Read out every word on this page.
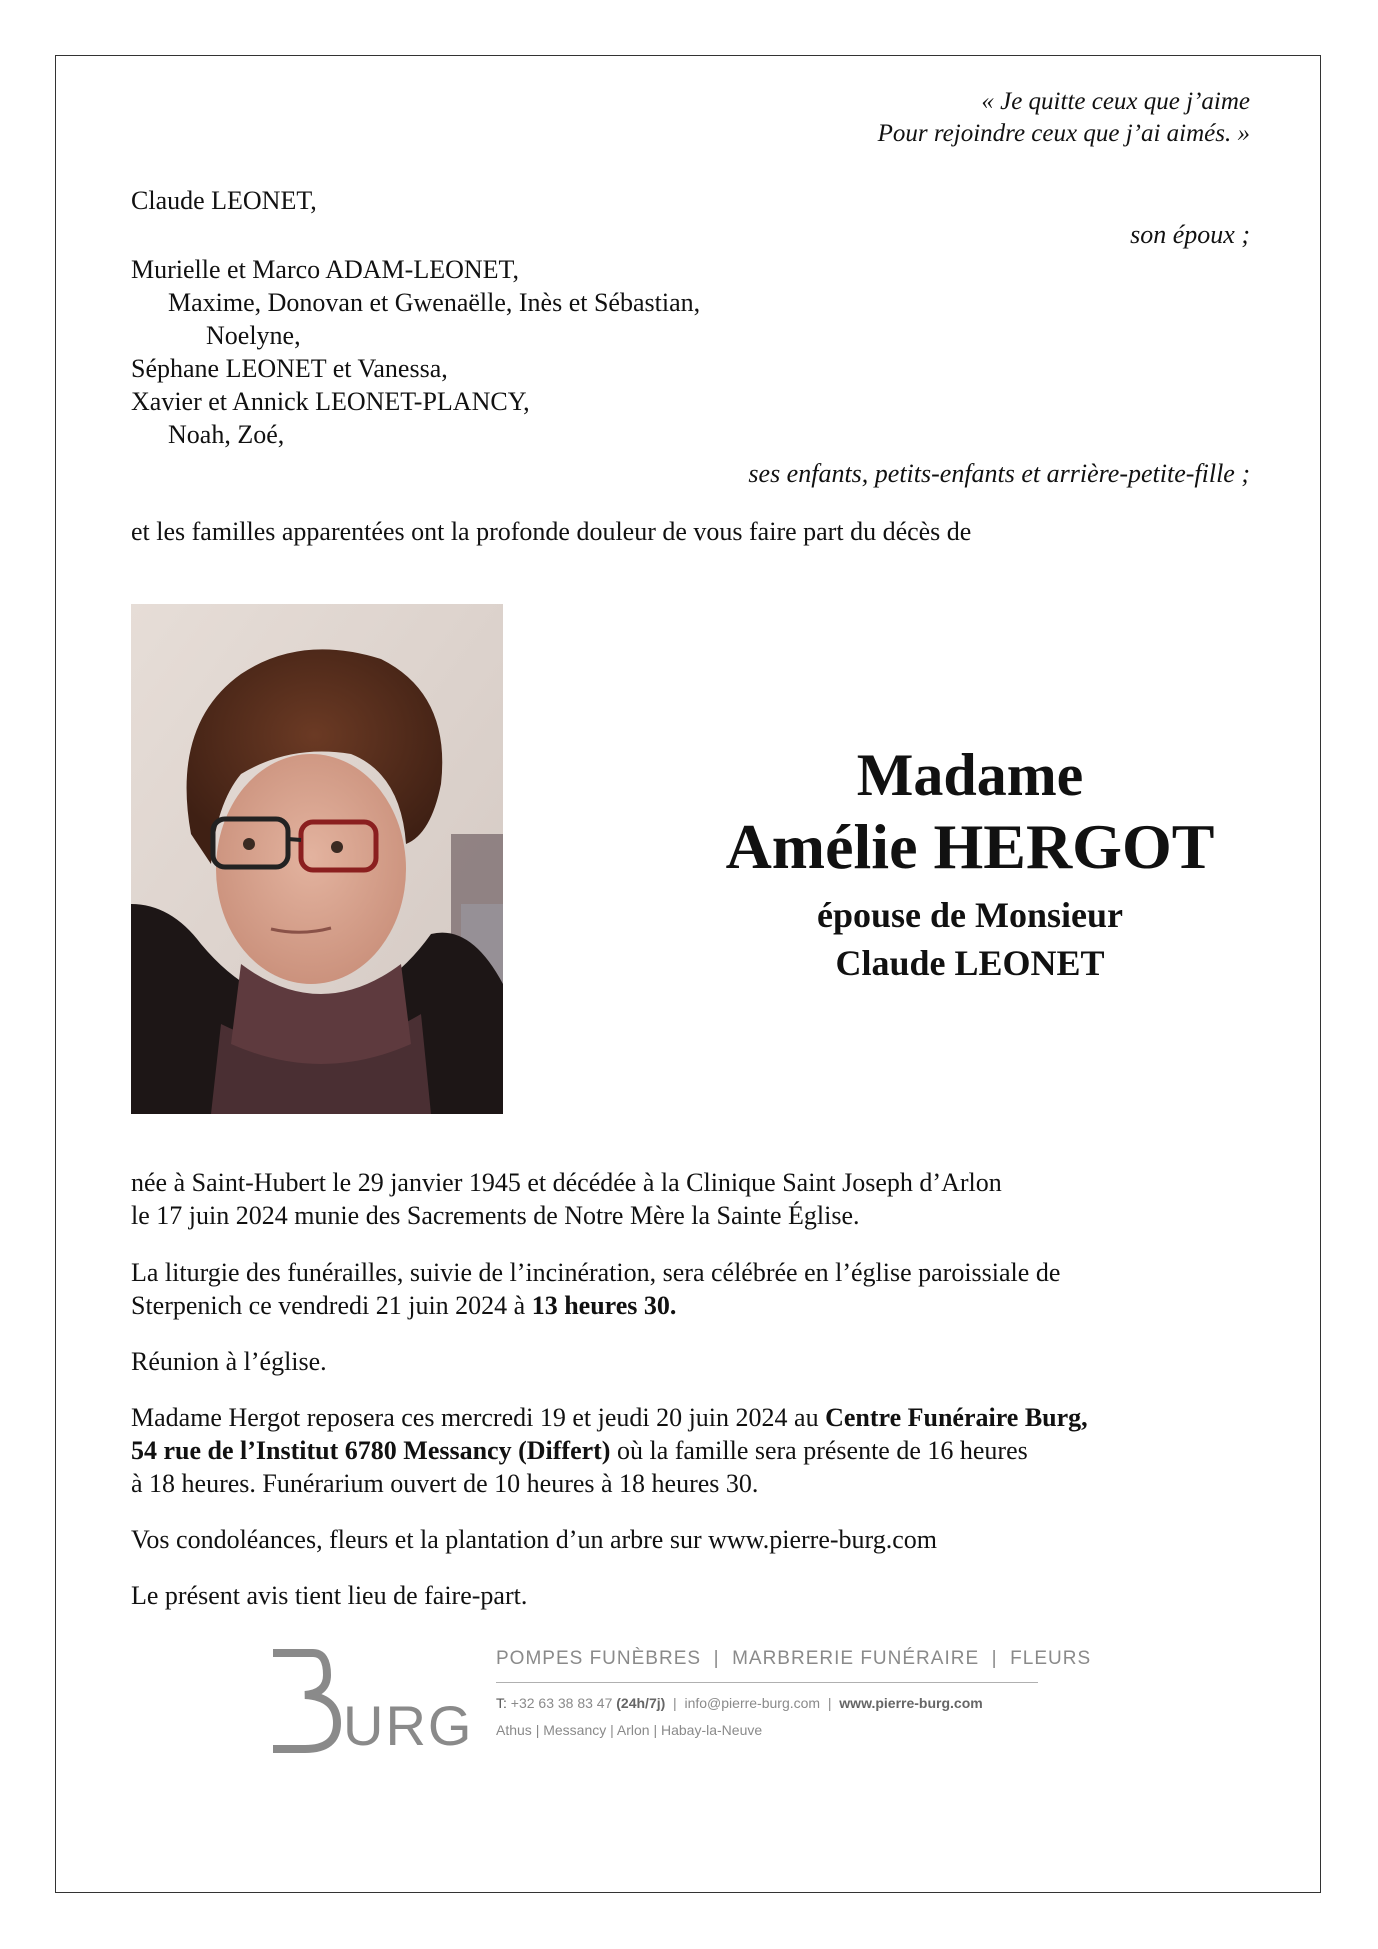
« Je quitte ceux que j’aime
Pour rejoindre ceux que j’ai aimés. »
Claude LEONET,
son époux ;
Murielle et Marco ADAM-LEONET,
Maxime, Donovan et Gwenaëlle, Inès et Sébastian,
Noelyne,
Séphane LEONET et Vanessa,
Xavier et Annick LEONET-PLANCY,
Noah, Zoé,
ses enfants, petits-enfants et arrière-petite-fille ;
et les familles apparentées ont la profonde douleur de vous faire part du décès de
Madame
Amélie HERGOT
épouse de Monsieur
Claude LEONET
née à Saint-Hubert le 29 janvier 1945 et décédée à la Clinique Saint Joseph d’Arlon
le 17 juin 2024 munie des Sacrements de Notre Mère la Sainte Église.
La liturgie des funérailles, suivie de l’incinération, sera célébrée en l’église paroissiale de
Sterpenich ce vendredi 21 juin 2024 à 13 heures 30.
Réunion à l’église.
Madame Hergot reposera ces mercredi 19 et jeudi 20 juin 2024 au Centre Funéraire Burg,
54 rue de l’Institut 6780 Messancy (Differt) où la famille sera présente de 16 heures
à 18 heures. Funérarium ouvert de 10 heures à 18 heures 30.
Vos condoléances, fleurs et la plantation d’un arbre sur www.pierre-burg.com
Le présent avis tient lieu de faire-part.
URG
POMPES FUNÈBRES  |  MARBRERIE FUNÉRAIRE  |  FLEURS
T: +32 63 38 83 47 (24h/7j)  |  info@pierre-burg.com  |  www.pierre-burg.com
Athus | Messancy | Arlon | Habay-la-Neuve
